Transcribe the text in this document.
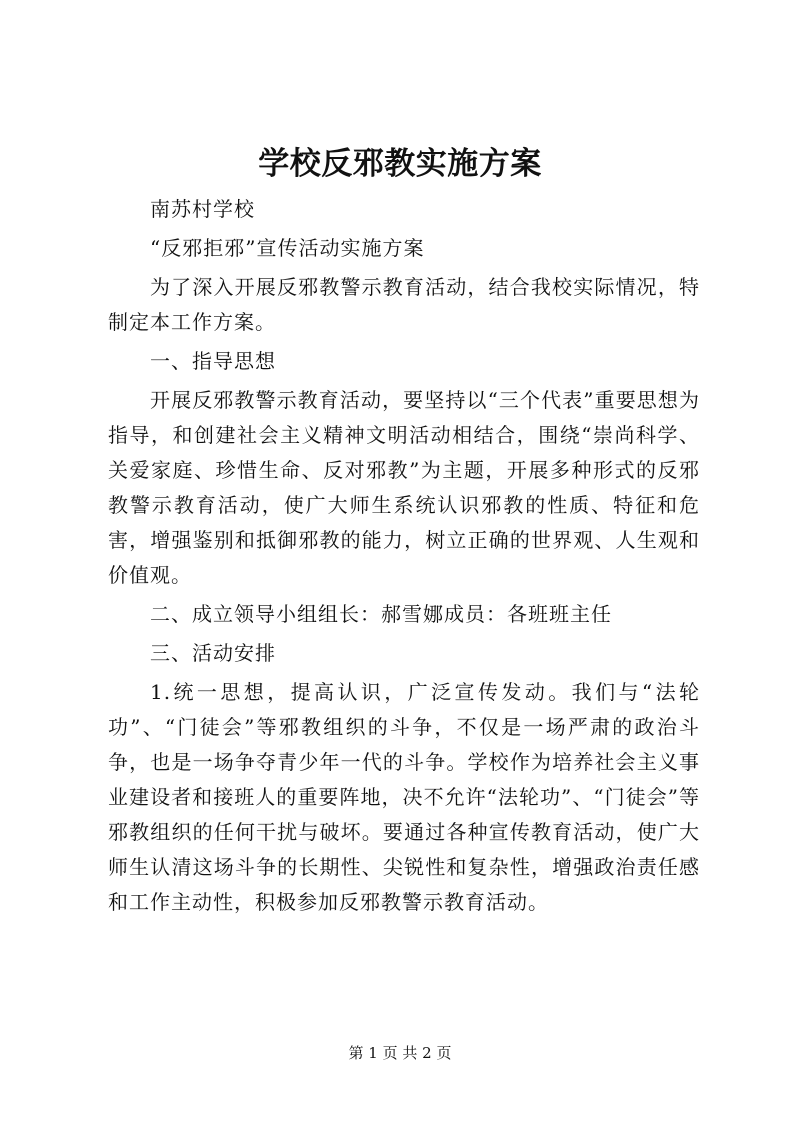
学校反邪教实施方案

南苏村学校

“反邪拒邪”宣传活动实施方案

为了深入开展反邪教警示教育活动，结合我校实际情况，特制定本工作方案。

一、指导思想

开展反邪教警示教育活动，要坚持以“三个代表”重要思想为指导，和创建社会主义精神文明活动相结合，围绕“崇尚科学、关爱家庭、珍惜生命、反对邪教”为主题，开展多种形式的反邪教警示教育活动，使广大师生系统认识邪教的性质、特征和危害，增强鉴别和抵御邪教的能力，树立正确的世界观、人生观和价值观。

二、成立领导小组组长：郝雪娜成员：各班班主任

三、活动安排

1.统一思想，提高认识，广泛宣传发动。我们与“法轮功”、“门徒会”等邪教组织的斗争，不仅是一场严肃的政治斗争，也是一场争夺青少年一代的斗争。学校作为培养社会主义事业建设者和接班人的重要阵地，决不允许“法轮功”、“门徒会”等邪教组织的任何干扰与破坏。要通过各种宣传教育活动，使广大师生认清这场斗争的长期性、尖锐性和复杂性，增强政治责任感和工作主动性，积极参加反邪教警示教育活动。

第 1 页 共 2 页
